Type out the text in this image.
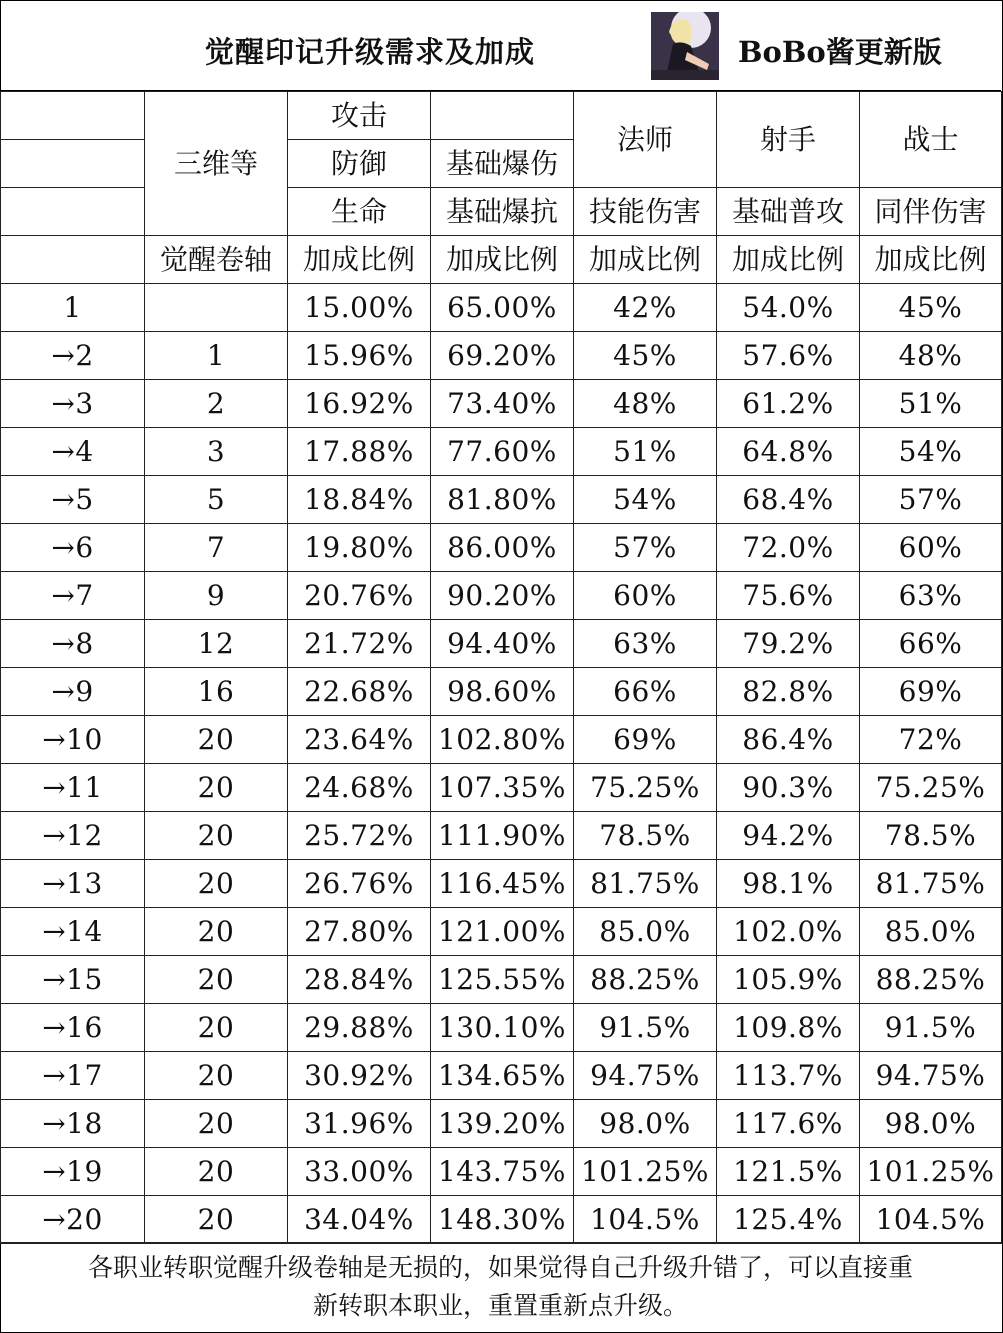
觉醒印记升级需求及加成	BoBo酱更新版
	三维等	攻击		法师	射手	战士
		防御	基础爆伤			
		生命	基础爆抗	技能伤害	基础普攻	同伴伤害
	觉醒卷轴	加成比例	加成比例	加成比例	加成比例	加成比例
1		15.00%	65.00%	42%	54.0%	45%
→2	1	15.96%	69.20%	45%	57.6%	48%
→3	2	16.92%	73.40%	48%	61.2%	51%
→4	3	17.88%	77.60%	51%	64.8%	54%
→5	5	18.84%	81.80%	54%	68.4%	57%
→6	7	19.80%	86.00%	57%	72.0%	60%
→7	9	20.76%	90.20%	60%	75.6%	63%
→8	12	21.72%	94.40%	63%	79.2%	66%
→9	16	22.68%	98.60%	66%	82.8%	69%
→10	20	23.64%	102.80%	69%	86.4%	72%
→11	20	24.68%	107.35%	75.25%	90.3%	75.25%
→12	20	25.72%	111.90%	78.5%	94.2%	78.5%
→13	20	26.76%	116.45%	81.75%	98.1%	81.75%
→14	20	27.80%	121.00%	85.0%	102.0%	85.0%
→15	20	28.84%	125.55%	88.25%	105.9%	88.25%
→16	20	29.88%	130.10%	91.5%	109.8%	91.5%
→17	20	30.92%	134.65%	94.75%	113.7%	94.75%
→18	20	31.96%	139.20%	98.0%	117.6%	98.0%
→19	20	33.00%	143.75%	101.25%	121.5%	101.25%
→20	20	34.04%	148.30%	104.5%	125.4%	104.5%
各职业转职觉醒升级卷轴是无损的，如果觉得自己升级升错了，可以直接重
新转职本职业，重置重新点升级。
